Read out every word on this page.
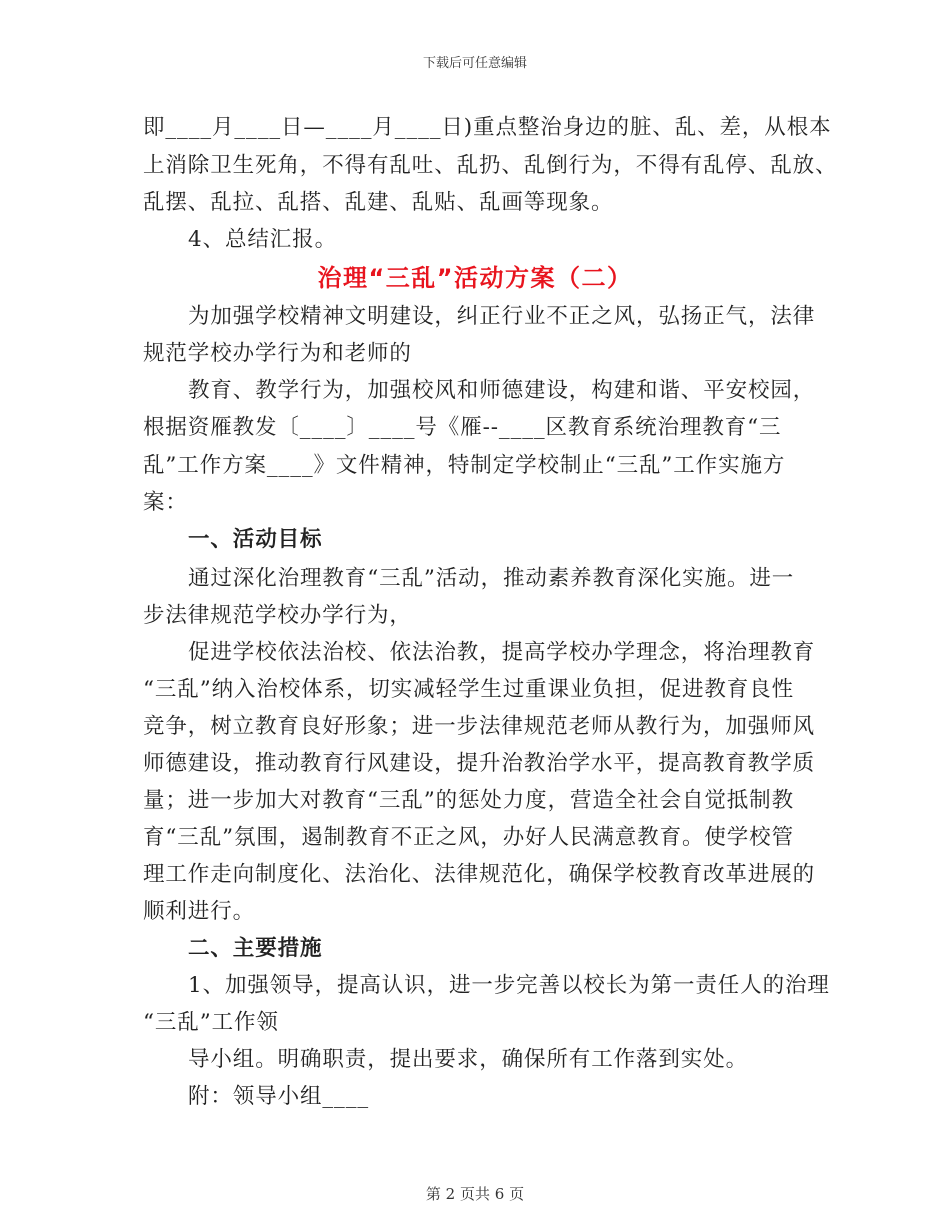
下载后可任意编辑
即____月____日—____月____日)重点整治身边的脏、乱、差，从根本
上消除卫生死角，不得有乱吐、乱扔、乱倒行为，不得有乱停、乱放、
乱摆、乱拉、乱搭、乱建、乱贴、乱画等现象。
4、总结汇报。
治理“三乱”活动方案（二）
为加强学校精神文明建设，纠正行业不正之风，弘扬正气，法律
规范学校办学行为和老师的
教育、教学行为，加强校风和师德建设，构建和谐、平安校园，
根据资雁教发〔____〕____号《雁--____区教育系统治理教育“三
乱”工作方案____》文件精神，特制定学校制止“三乱”工作实施方
案：
一、活动目标
通过深化治理教育“三乱”活动，推动素养教育深化实施。进一
步法律规范学校办学行为，
促进学校依法治校、依法治教，提高学校办学理念，将治理教育
“三乱”纳入治校体系，切实减轻学生过重课业负担，促进教育良性
竞争，树立教育良好形象；进一步法律规范老师从教行为，加强师风
师德建设，推动教育行风建设，提升治教治学水平，提高教育教学质
量；进一步加大对教育“三乱”的惩处力度，营造全社会自觉抵制教
育“三乱”氛围，遏制教育不正之风，办好人民满意教育。使学校管
理工作走向制度化、法治化、法律规范化，确保学校教育改革进展的
顺利进行。
二、主要措施
1、加强领导，提高认识，进一步完善以校长为第一责任人的治理
“三乱”工作领
导小组。明确职责，提出要求，确保所有工作落到实处。
附：领导小组____
第 2 页共 6 页
